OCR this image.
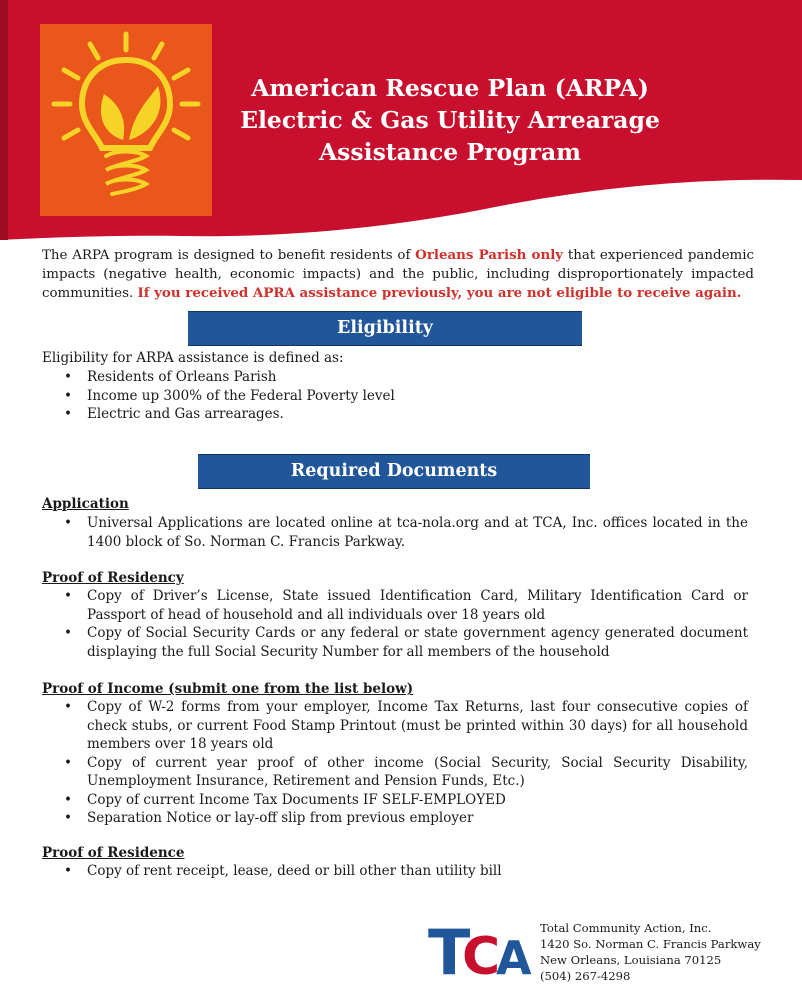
American Rescue Plan (ARPA)
Electric & Gas Utility Arrearage
Assistance Program
The ARPA program is designed to benefit residents of Orleans Parish only that experienced pandemic impacts (negative health, economic impacts) and the public, including disproportionately impacted communities. If you received APRA assistance previously, you are not eligible to receive again.
Eligibility
Eligibility for ARPA assistance is defined as:
• Residents of Orleans Parish
• Income up 300% of the Federal Poverty level
• Electric and Gas arrearages.
Required Documents
Application
• Universal Applications are located online at tca-nola.org and at TCA, Inc. offices located in the 1400 block of So. Norman C. Francis Parkway.
Proof of Residency
• Copy of Driver’s License, State issued Identification Card, Military Identification Card or Passport of head of household and all individuals over 18 years old
• Copy of Social Security Cards or any federal or state government agency generated document displaying the full Social Security Number for all members of the household
Proof of Income (submit one from the list below)
• Copy of W-2 forms from your employer, Income Tax Returns, last four consecutive copies of check stubs, or current Food Stamp Printout (must be printed within 30 days) for all household members over 18 years old
• Copy of current year proof of other income (Social Security, Social Security Disability, Unemployment Insurance, Retirement and Pension Funds, Etc.)
• Copy of current Income Tax Documents IF SELF-EMPLOYED
• Separation Notice or lay-off slip from previous employer
Proof of Residence
• Copy of rent receipt, lease, deed or bill other than utility bill
T
C
A
Total Community Action, Inc.
1420 So. Norman C. Francis Parkway
New Orleans, Louisiana 70125
(504) 267-4298
